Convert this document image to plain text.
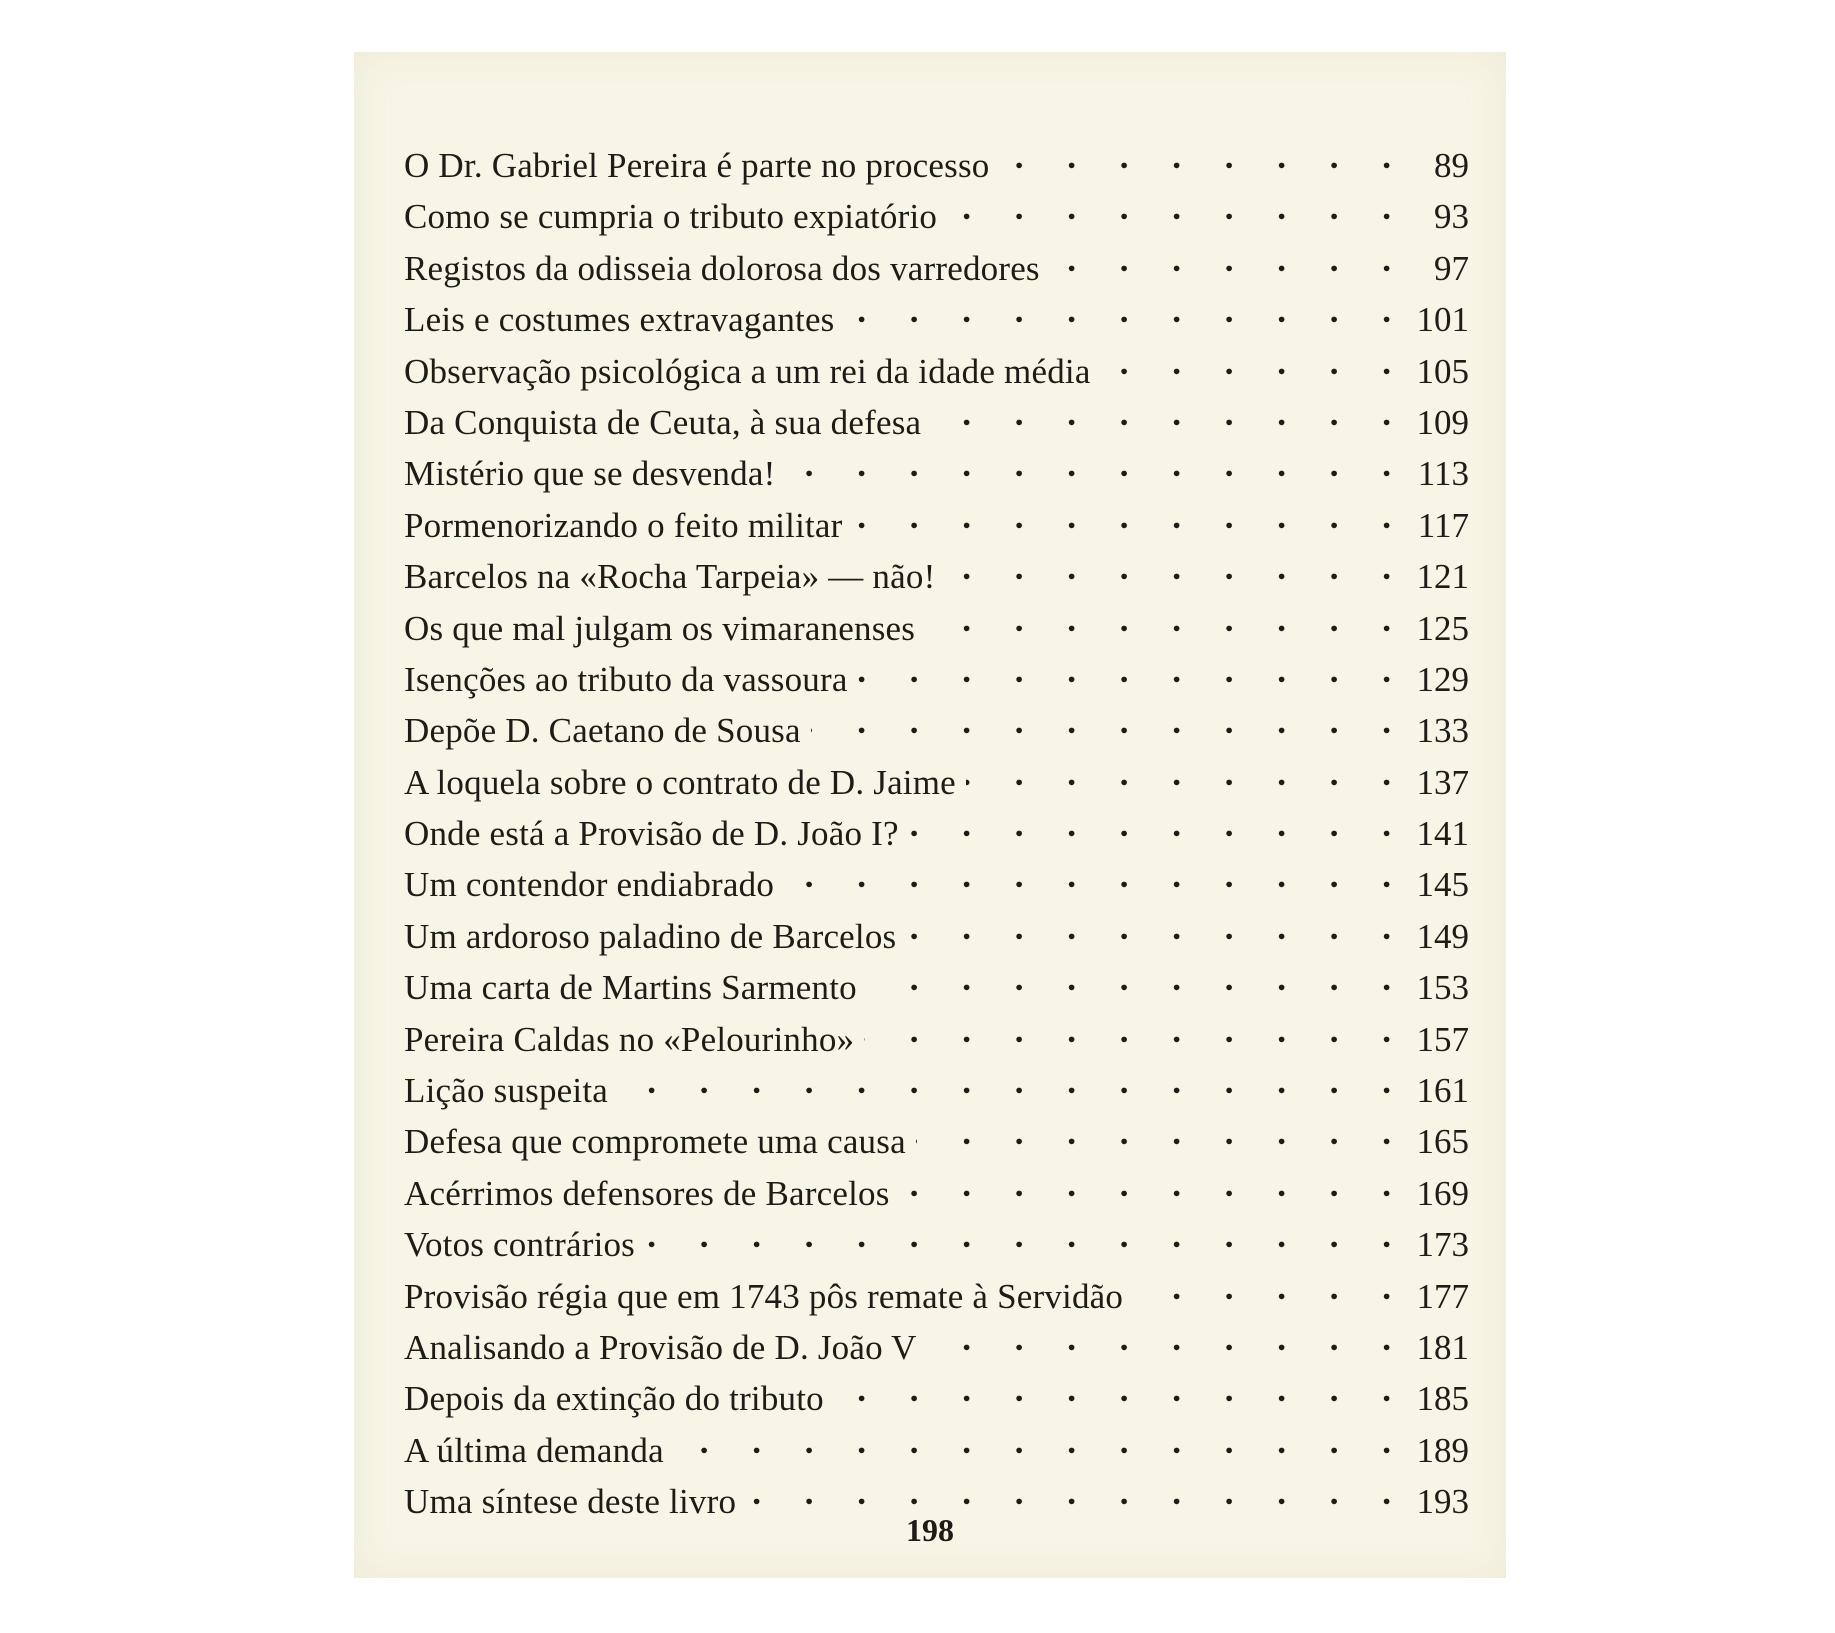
O Dr. Gabriel Pereira é parte no processo .	89
Como se cumpria o tributo expiatório .	93
Registos da odisseia dolorosa dos varredores .	97
Leis e costumes extravagantes .	101
Observação psicológica a um rei da idade média .	105
Da Conquista de Ceuta, à sua defesa .	109
Mistério que se desvenda! .	113
Pormenorizando o feito militar .	117
Barcelos na «Rocha Tarpeia» — não! .	121
Os que mal julgam os vimaranenses .	125
Isenções ao tributo da vassoura .	129
Depõe D. Caetano de Sousa .	133
A loquela sobre o contrato de D. Jaime .	137
Onde está a Provisão de D. João I? .	141
Um contendor endiabrado .	145
Um ardoroso paladino de Barcelos .	149
Uma carta de Martins Sarmento .	153
Pereira Caldas no «Pelourinho» .	157
Lição suspeita .	161
Defesa que compromete uma causa .	165
Acérrimos defensores de Barcelos .	169
Votos contrários .	173
Provisão régia que em 1743 pôs remate à Servidão .	177
Analisando a Provisão de D. João V .	181
Depois da extinção do tributo .	185
A última demanda .	189
Uma síntese deste livro .	193
198
